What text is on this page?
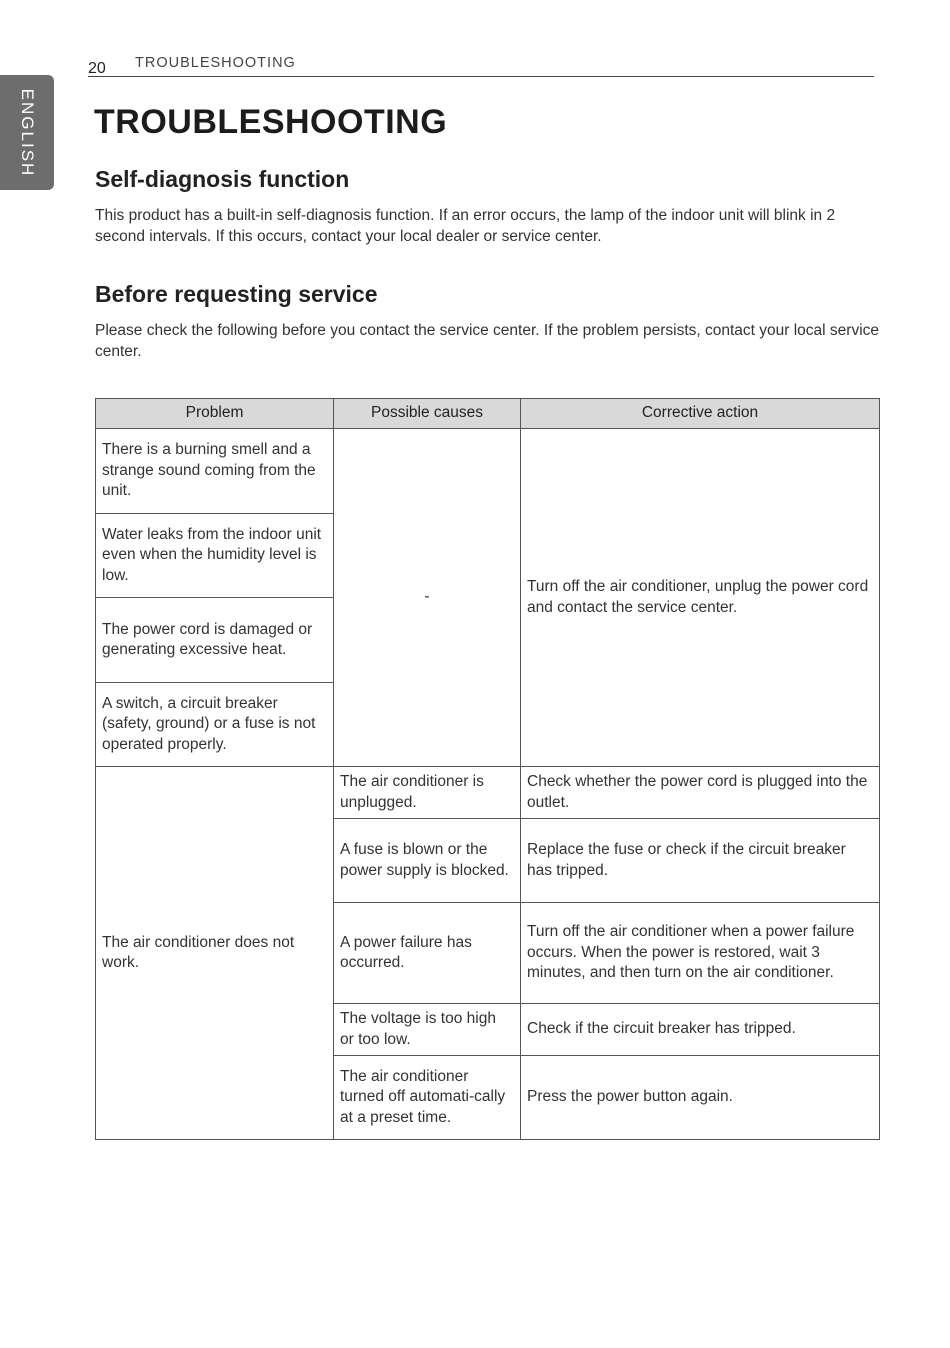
ENGLISH
20 TROUBLESHOOTING
TROUBLESHOOTING
Self-diagnosis function

This product has a built-in self-diagnosis function. If an error occurs, the lamp of the indoor unit will blink in 2 second intervals. If this occurs, contact your local dealer or service center.

Before requesting service

Please check the following before you contact the service center. If the problem persists, contact your local service center.

Problem	Possible causes	Corrective action
There is a burning smell and a strange sound coming from the unit.	-	Turn off the air conditioner, unplug the power cord and contact the service center.
Water leaks from the indoor unit even when the humidity level is low.		
The power cord is damaged or generating excessive heat.		
A switch, a circuit breaker (safety, ground) or a fuse is not operated properly.		
The air conditioner does not work.	The air conditioner is unplugged.	Check whether the power cord is plugged into the outlet.
	A fuse is blown or the power supply is blocked.	Replace the fuse or check if the circuit breaker has tripped.
	A power failure has occurred.	Turn off the air conditioner when a power failure occurs. When the power is restored, wait 3 minutes, and then turn on the air conditioner.
	The voltage is too high or too low.	Check if the circuit breaker has tripped.
	The air conditioner turned off automati-cally at a preset time.	Press the power button again.
